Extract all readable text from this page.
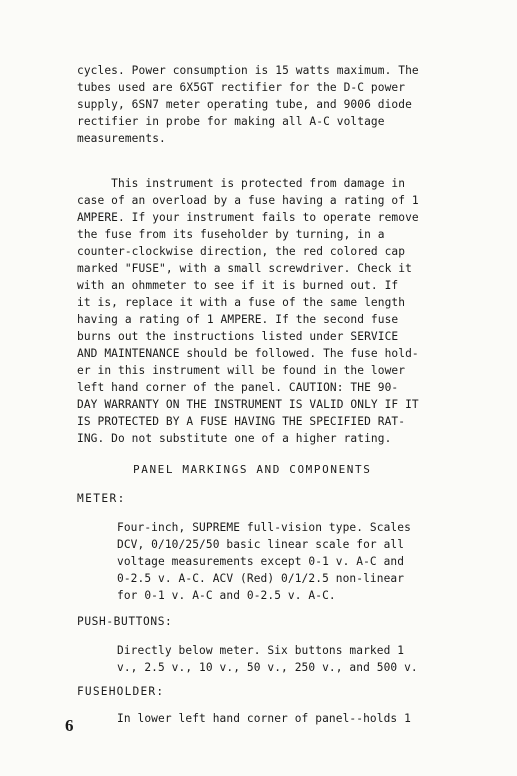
cycles. Power consumption is 15 watts maximum. The
tubes used are 6X5GT rectifier for the D-C power
supply, 6SN7 meter operating tube, and 9006 diode
rectifier in probe for making all A-C voltage
measurements.
This instrument is protected from damage in
case of an overload by a fuse having a rating of 1
AMPERE. If your instrument fails to operate remove
the fuse from its fuseholder by turning, in a
counter-clockwise direction, the red colored cap
marked "FUSE", with a small screwdriver. Check it
with an ohmmeter to see if it is burned out. If
it is, replace it with a fuse of the same length
having a rating of 1 AMPERE. If the second fuse
burns out the instructions listed under SERVICE
AND MAINTENANCE should be followed. The fuse hold-
er in this instrument will be found in the lower
left hand corner of the panel. CAUTION: THE 90-
DAY WARRANTY ON THE INSTRUMENT IS VALID ONLY IF IT
IS PROTECTED BY A FUSE HAVING THE SPECIFIED RAT-
ING. Do not substitute one of a higher rating.
PANEL MARKINGS AND COMPONENTS
METER:
Four-inch, SUPREME full-vision type. Scales
DCV, 0/10/25/50 basic linear scale for all
voltage measurements except 0-1 v. A-C and
0-2.5 v. A-C. ACV (Red) 0/1/2.5 non-linear
for 0-1 v. A-C and 0-2.5 v. A-C.
PUSH-BUTTONS:
Directly below meter. Six buttons marked 1
v., 2.5 v., 10 v., 50 v., 250 v., and 500 v.
FUSEHOLDER:
In lower left hand corner of panel--holds 1
6
